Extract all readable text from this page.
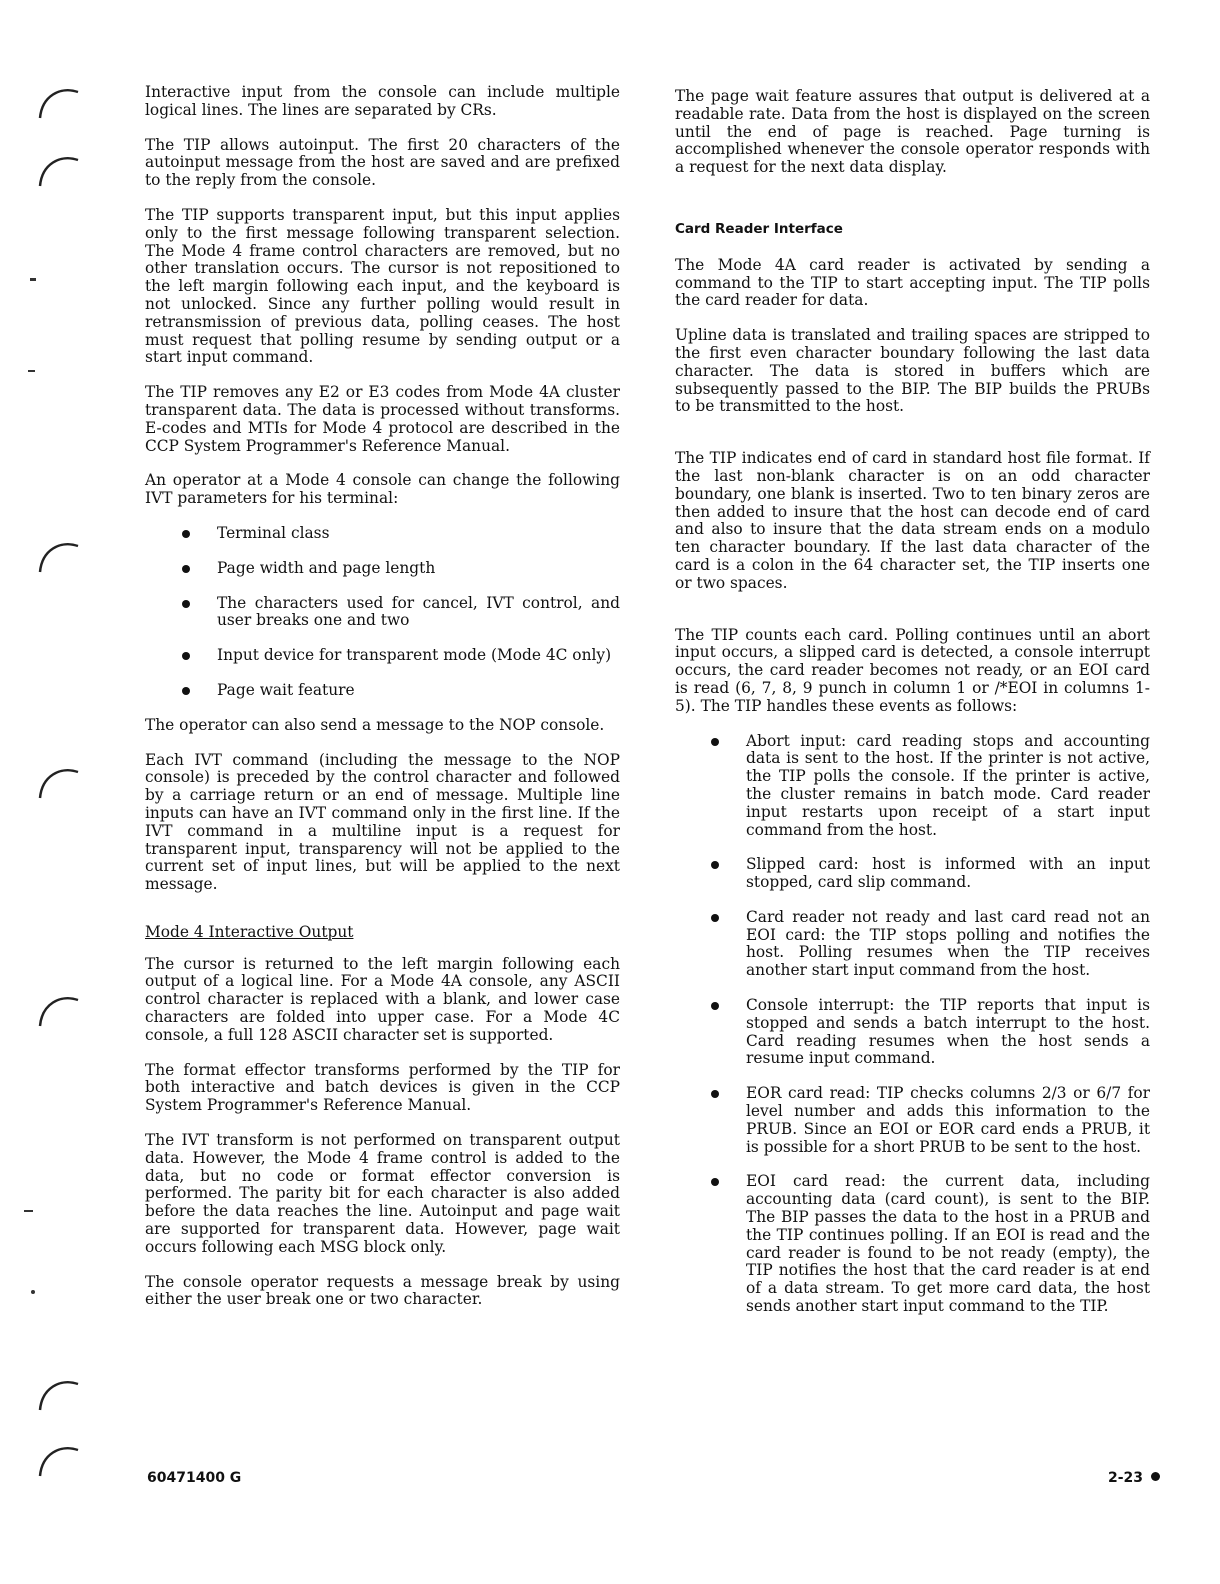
Interactive input from the console can include multiple logical lines. The lines are separated by CRs.

The TIP allows autoinput. The first 20 characters of the autoinput message from the host are saved and are prefixed to the reply from the console.

The TIP supports transparent input, but this input applies only to the first message following transparent selection. The Mode 4 frame control characters are removed, but no other translation occurs. The cursor is not repositioned to the left margin following each input, and the keyboard is not unlocked. Since any further polling would result in retransmission of previous data, polling ceases. The host must request that polling resume by sending output or a start input command.

The TIP removes any E2 or E3 codes from Mode 4A cluster transparent data. The data is processed without transforms. E-codes and MTIs for Mode 4 protocol are described in the CCP System Programmer's Reference Manual.

An operator at a Mode 4 console can change the following IVT parameters for his terminal:

Terminal class
Page width and page length
The characters used for cancel, IVT control, and user breaks one and two
Input device for transparent mode (Mode 4C only)
Page wait feature

The operator can also send a message to the NOP console.

Each IVT command (including the message to the NOP console) is preceded by the control character and followed by a carriage return or an end of message. Multiple line inputs can have an IVT command only in the first line. If the IVT command in a multiline input is a request for transparent input, transparency will not be applied to the current set of input lines, but will be applied to the next message.

Mode 4 Interactive Output

The cursor is returned to the left margin following each output of a logical line. For a Mode 4A console, any ASCII control character is replaced with a blank, and lower case characters are folded into upper case. For a Mode 4C console, a full 128 ASCII character set is supported.

The format effector transforms performed by the TIP for both interactive and batch devices is given in the CCP System Programmer's Reference Manual.

The IVT transform is not performed on transparent output data. However, the Mode 4 frame control is added to the data, but no code or format effector conversion is performed. The parity bit for each character is also added before the data reaches the line. Autoinput and page wait are supported for transparent data. However, page wait occurs following each MSG block only.

The console operator requests a message break by using either the user break one or two character.

The page wait feature assures that output is delivered at a readable rate. Data from the host is displayed on the screen until the end of page is reached. Page turning is accomplished whenever the console operator responds with a request for the next data display.

Card Reader Interface

The Mode 4A card reader is activated by sending a command to the TIP to start accepting input. The TIP polls the card reader for data.

Upline data is translated and trailing spaces are stripped to the first even character boundary following the last data character. The data is stored in buffers which are subsequently passed to the BIP. The BIP builds the PRUBs to be transmitted to the host.

The TIP indicates end of card in standard host file format. If the last non-blank character is on an odd character boundary, one blank is inserted. Two to ten binary zeros are then added to insure that the host can decode end of card and also to insure that the data stream ends on a modulo ten character boundary. If the last data character of the card is a colon in the 64 character set, the TIP inserts one or two spaces.

The TIP counts each card. Polling continues until an abort input occurs, a slipped card is detected, a console interrupt occurs, the card reader becomes not ready, or an EOI card is read (6, 7, 8, 9 punch in column 1 or /*EOI in columns 1-5). The TIP handles these events as follows:

Abort input: card reading stops and accounting data is sent to the host. If the printer is not active, the TIP polls the console. If the printer is active, the cluster remains in batch mode. Card reader input restarts upon receipt of a start input command from the host.
Slipped card: host is informed with an input stopped, card slip command.
Card reader not ready and last card read not an EOI card: the TIP stops polling and notifies the host. Polling resumes when the TIP receives another start input command from the host.
Console interrupt: the TIP reports that input is stopped and sends a batch interrupt to the host. Card reading resumes when the host sends a resume input command.
EOR card read: TIP checks columns 2/3 or 6/7 for level number and adds this information to the PRUB. Since an EOI or EOR card ends a PRUB, it is possible for a short PRUB to be sent to the host.
EOI card read: the current data, including accounting data (card count), is sent to the BIP. The BIP passes the data to the host in a PRUB and the TIP continues polling. If an EOI is read and the card reader is found to be not ready (empty), the TIP notifies the host that the card reader is at end of a data stream. To get more card data, the host sends another start input command to the TIP.
60471400 G	2-23
